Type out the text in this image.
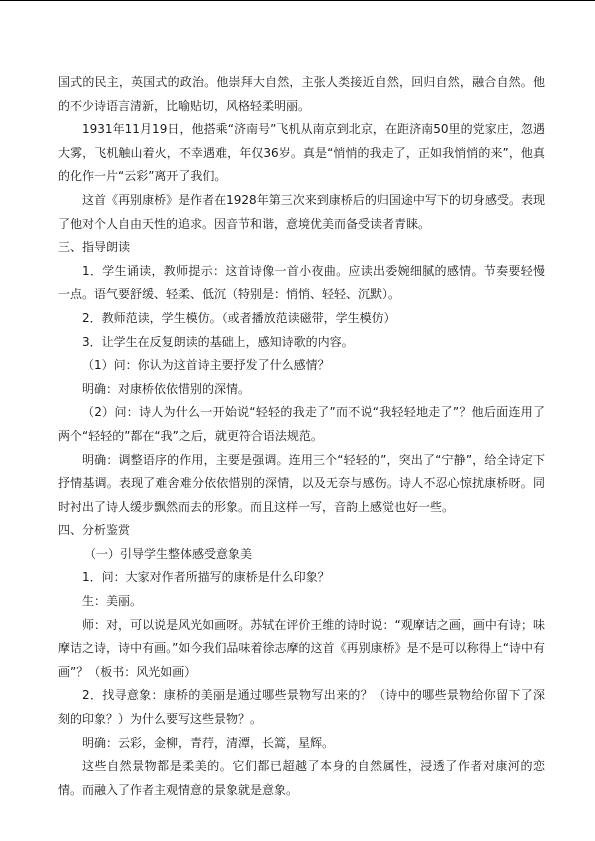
国式的民主，英国式的政治。他崇拜大自然，主张人类接近自然，回归自然，融合自然。他的不少诗语言清新，比喻贴切，风格轻柔明丽。

1931年11月19日，他搭乘“济南号”飞机从南京到北京，在距济南50里的党家庄，忽遇大雾，飞机触山着火，不幸遇难，年仅36岁。真是“悄悄的我走了，正如我悄悄的来”，他真的化作一片“云彩”离开了我们。

这首《再别康桥》是作者在1928年第三次来到康桥后的归国途中写下的切身感受。表现了他对个人自由天性的追求。因音节和谐，意境优美而备受读者青睐。

三、指导朗读

1．学生诵读，教师提示：这首诗像一首小夜曲。应读出委婉细腻的感情。节奏要轻慢一点。语气要舒缓、轻柔、低沉（特别是：悄悄、轻轻、沉默）。

2．教师范读，学生模仿。（或者播放范读磁带，学生模仿）

3．让学生在反复朗读的基础上，感知诗歌的内容。

（1）问：你认为这首诗主要抒发了什么感情？

明确：对康桥依依惜别的深情。

（2）问：诗人为什么一开始说“轻轻的我走了”而不说“我轻轻地走了”？他后面连用了两个“轻轻的”都在“我”之后，就更符合语法规范。

明确：调整语序的作用，主要是强调。连用三个“轻轻的”，突出了“宁静”，给全诗定下抒情基调。表现了难舍难分依依惜别的深情，以及无奈与感伤。诗人不忍心惊扰康桥呀。同时衬出了诗人缓步飘然而去的形象。而且这样一写，音韵上感觉也好一些。

四、分析鉴赏

（一）引导学生整体感受意象美

1．问：大家对作者所描写的康桥是什么印象？

生：美丽。

师：对，可以说是风光如画呀。苏轼在评价王维的诗时说：“观摩诘之画，画中有诗；味摩诘之诗，诗中有画。”如今我们品味着徐志摩的这首《再别康桥》是不是可以称得上“诗中有画”？（板书：风光如画）

2．找寻意象：康桥的美丽是通过哪些景物写出来的？（诗中的哪些景物给你留下了深刻的印象？）为什么要写这些景物？。

明确：云彩，金柳，青荇，清潭，长篙，星辉。

这些自然景物都是柔美的。它们都已超越了本身的自然属性，浸透了作者对康河的恋情。而融入了作者主观情意的景象就是意象。
